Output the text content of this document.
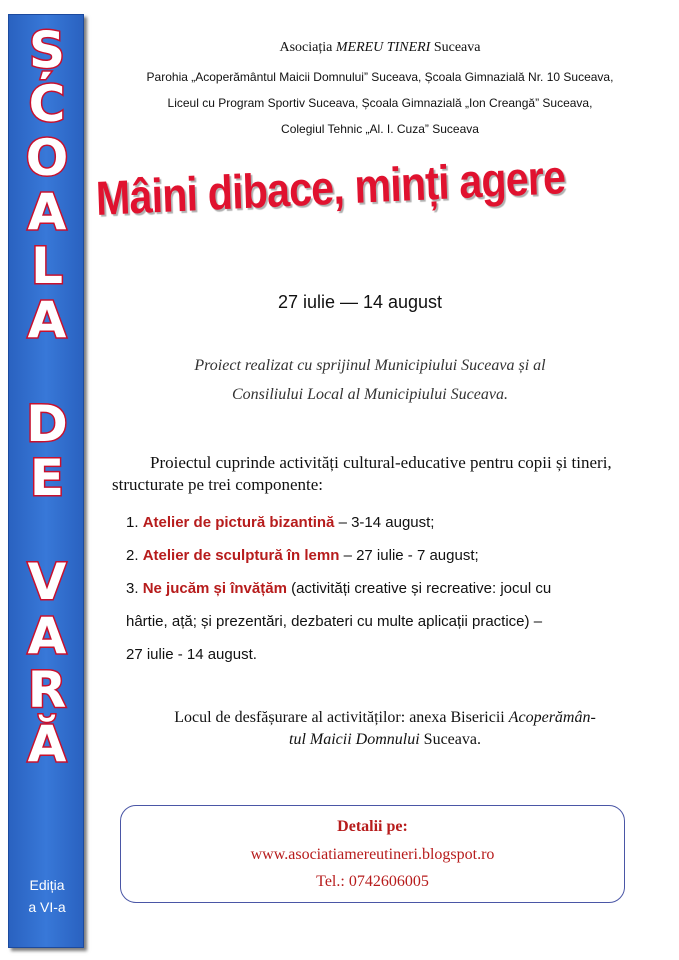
Ș
C
O
A
L
A
D
E
V
A
R
Ă
Ediția
a VI-a
Asociația MEREU TINERI Suceava
Parohia „Acoperământul Maicii Domnului” Suceava, Școala Gimnazială Nr. 10 Suceava,
Liceul cu Program Sportiv Suceava, Școala Gimnazială „Ion Creangă” Suceava,
Colegiul Tehnic „Al. I. Cuza” Suceava
Mâini dibace, minți agere
27 iulie — 14 august
Proiect realizat cu sprijinul Municipiului Suceava și al
Consiliului Local al Municipiului Suceava.
Proiectul cuprinde activități cultural-educative pentru copii și tineri, structurate pe trei componente:
1. Atelier de pictură bizantină – 3-14 august;
2. Atelier de sculptură în lemn – 27 iulie - 7 august;
3. Ne jucăm și învățăm (activități creative și recreative: jocul cu
hârtie, ață; și prezentări, dezbateri cu multe aplicații practice) –
27 iulie - 14 august.
Locul de desfășurare al activităților: anexa Bisericii Acoperămân-
tul Maicii Domnului Suceava.
Detalii pe:
www.asociatiamereutineri.blogspot.ro
Tel.: 0742606005
